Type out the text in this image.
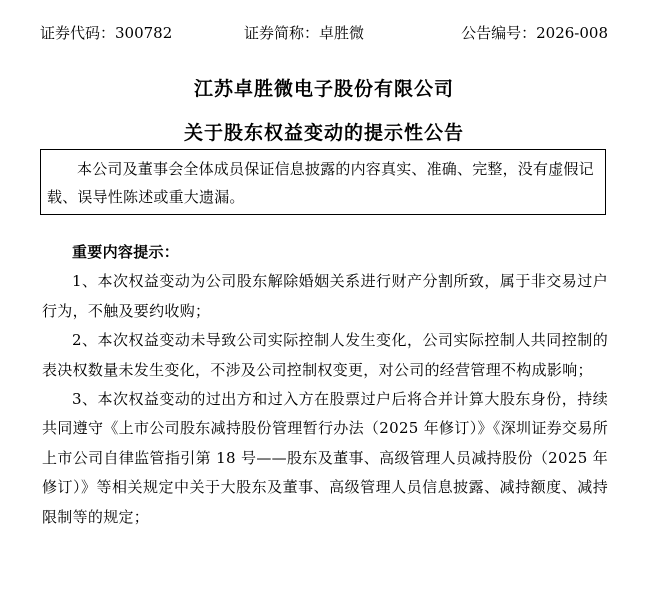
证券代码：300782	证券简称：卓胜微	公告编号：2026-008
江苏卓胜微电子股份有限公司
关于股东权益变动的提示性公告
本公司及董事会全体成员保证信息披露的内容真实、准确、完整，没有虚假记载、误导性陈述或重大遗漏。

重要内容提示：

1、本次权益变动为公司股东解除婚姻关系进行财产分割所致，属于非交易过户行为，不触及要约收购；

2、本次权益变动未导致公司实际控制人发生变化，公司实际控制人共同控制的表决权数量未发生变化，不涉及公司控制权变更，对公司的经营管理不构成影响；

3、本次权益变动的过出方和过入方在股票过户后将合并计算大股东身份，持续共同遵守《上市公司股东减持股份管理暂行办法（2025 年修订）》《深圳证券交易所上市公司自律监管指引第 18 号——股东及董事、高级管理人员减持股份（2025 年修订）》等相关规定中关于大股东及董事、高级管理人员信息披露、减持额度、减持限制等的规定；
